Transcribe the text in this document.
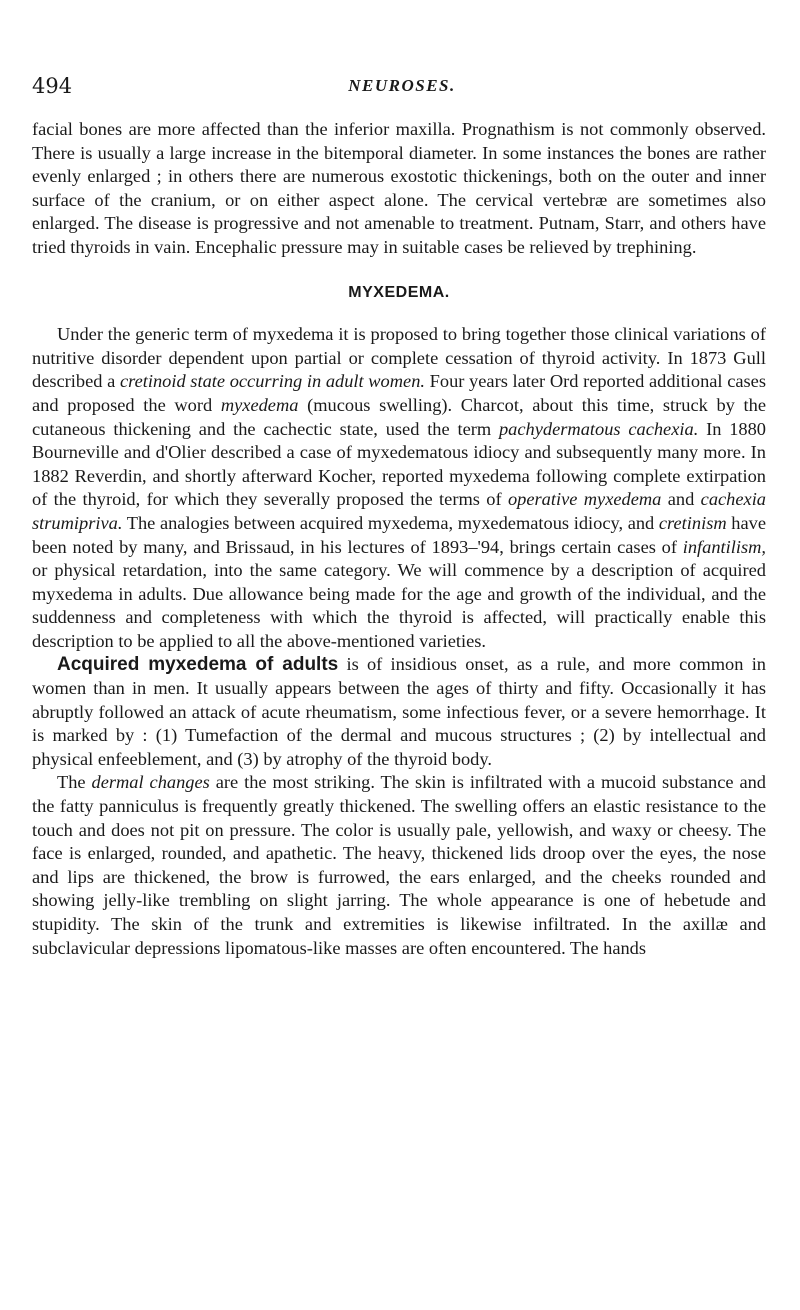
494	NEUROSES.

facial bones are more affected than the inferior maxilla. Prognathism is not commonly observed. There is usually a large increase in the bitemporal diameter. In some instances the bones are rather evenly enlarged ; in others there are numerous exostotic thickenings, both on the outer and inner surface of the cranium, or on either aspect alone. The cervical vertebræ are sometimes also enlarged. The disease is progressive and not amenable to treatment. Putnam, Starr, and others have tried thyroids in vain. Encephalic pressure may in suitable cases be relieved by trephining.

MYXEDEMA.

Under the generic term of myxedema it is proposed to bring together those clinical variations of nutritive disorder dependent upon partial or complete cessation of thyroid activity. In 1873 Gull described a cretinoid state occurring in adult women. Four years later Ord reported additional cases and proposed the word myxedema (mucous swelling). Charcot, about this time, struck by the cutaneous thickening and the cachectic state, used the term pachydermatous cachexia. In 1880 Bourneville and d'Olier described a case of myxedematous idiocy and subsequently many more. In 1882 Reverdin, and shortly afterward Kocher, reported myxedema following complete extirpation of the thyroid, for which they severally proposed the terms of operative myxedema and cachexia strumipriva. The analogies between acquired myxedema, myxedematous idiocy, and cretinism have been noted by many, and Brissaud, in his lectures of 1893–'94, brings certain cases of infantilism, or physical retardation, into the same category. We will commence by a description of acquired myxedema in adults. Due allowance being made for the age and growth of the individual, and the suddenness and completeness with which the thyroid is affected, will practically enable this description to be applied to all the above-mentioned varieties.

Acquired myxedema of adults is of insidious onset, as a rule, and more common in women than in men. It usually appears between the ages of thirty and fifty. Occasionally it has abruptly followed an attack of acute rheumatism, some infectious fever, or a severe hemorrhage. It is marked by : (1) Tumefaction of the dermal and mucous structures ; (2) by intellectual and physical enfeeblement, and (3) by atrophy of the thyroid body.

The dermal changes are the most striking. The skin is infiltrated with a mucoid substance and the fatty panniculus is frequently greatly thickened. The swelling offers an elastic resistance to the touch and does not pit on pressure. The color is usually pale, yellowish, and waxy or cheesy. The face is enlarged, rounded, and apathetic. The heavy, thickened lids droop over the eyes, the nose and lips are thickened, the brow is furrowed, the ears enlarged, and the cheeks rounded and showing jelly-like trembling on slight jarring. The whole appearance is one of hebetude and stupidity. The skin of the trunk and extremities is likewise infiltrated. In the axillæ and subclavicular depressions lipomatous-like masses are often encountered. The hands
